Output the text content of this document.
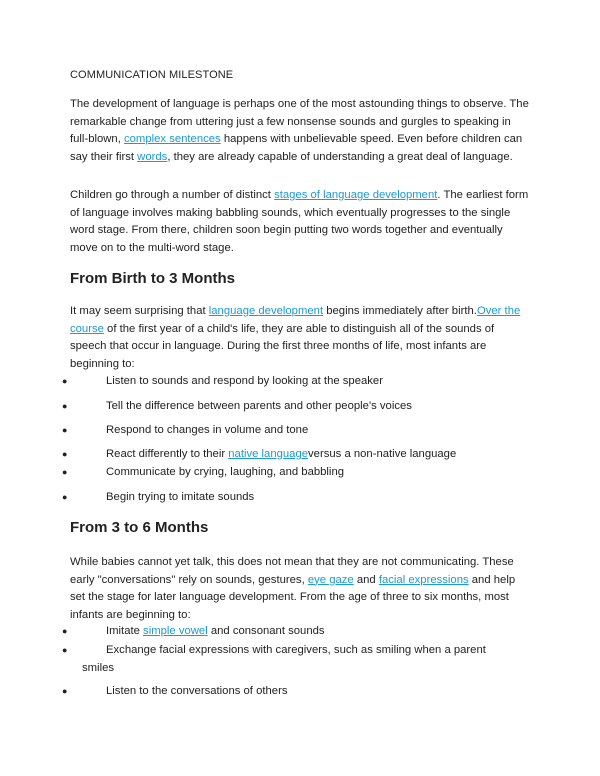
COMMUNICATION MILESTONE
The development of language is perhaps one of the most astounding things to observe. The remarkable change from uttering just a few nonsense sounds and gurgles to speaking in full-blown, complex sentences happens with unbelievable speed. Even before children can say their first words, they are already capable of understanding a great deal of language.
Children go through a number of distinct stages of language development. The earliest form of language involves making babbling sounds, which eventually progresses to the single word stage. From there, children soon begin putting two words together and eventually move on to the multi-word stage.
From Birth to 3 Months
It may seem surprising that language development begins immediately after birth.Over the course of the first year of a child's life, they are able to distinguish all of the sounds of speech that occur in language. During the first three months of life, most infants are beginning to:
●	Listen to sounds and respond by looking at the speaker
●	Tell the difference between parents and other people's voices
●	Respond to changes in volume and tone
●	React differently to their native languageversus a non-native language
●	Communicate by crying, laughing, and babbling
●	Begin trying to imitate sounds
From 3 to 6 Months
While babies cannot yet talk, this does not mean that they are not communicating. These early "conversations" rely on sounds, gestures, eye gaze and facial expressions and help set the stage for later language development. From the age of three to six months, most infants are beginning to:
●	Imitate simple vowel and consonant sounds
●	Exchange facial expressions with caregivers, such as smiling when a parent
smiles
●	Listen to the conversations of others
